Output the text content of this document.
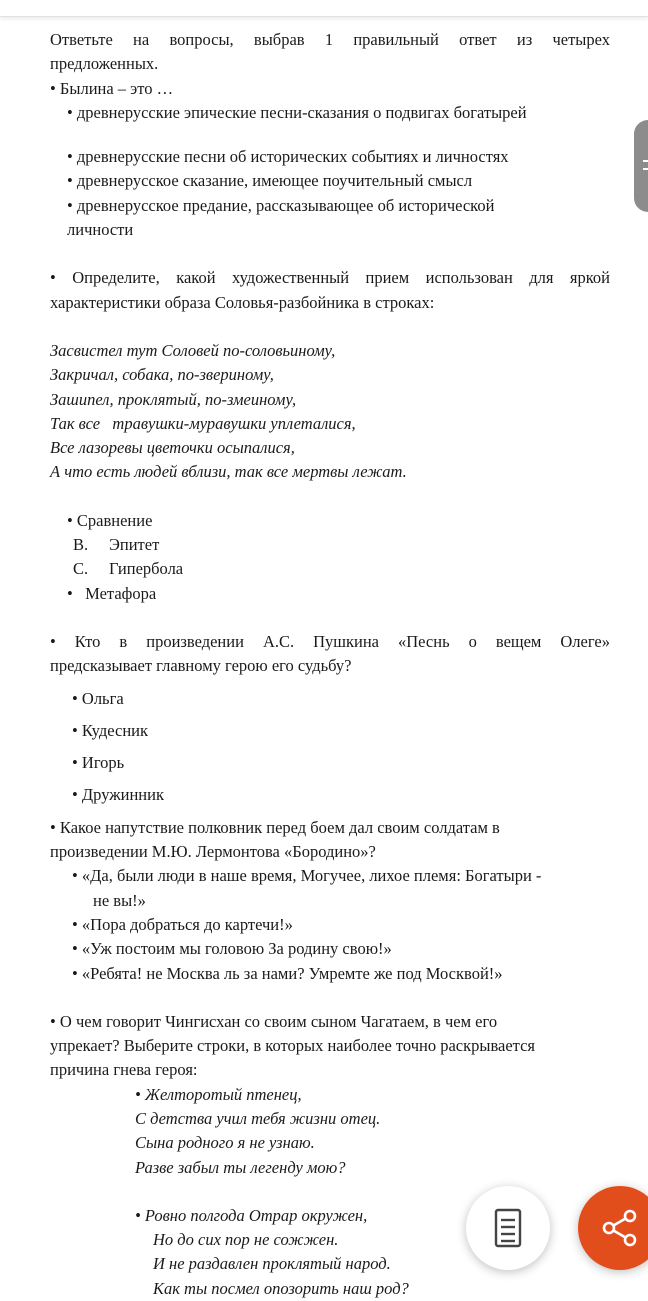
Ответьте на вопросы, выбрав 1 правильный ответ из четырех

предложенных.

• Былина – это …

• древнерусские эпические песни-сказания о подвигах богатырей

• древнерусские песни об исторических событиях и личностях

• древнерусское сказание, имеющее поучительный смысл

• древнерусское предание, рассказывающее об исторической

личности

• Определите, какой художественный прием использован для яркой

характеристики образа Соловья-разбойника в строках:

Засвистел тут Соловей по-соловьиному,

Закричал, собака, по-звериному,

Зашипел, проклятый, по-змеиному,

Так все   травушки-муравушки уплеталися,

Все лазоревы цветочки осыпалися,

А что есть людей вблизи, так все мертвы лежат.

• Сравнение

B. Эпитет

C. Гипербола

•   Метафора

• Кто в произведении А.С. Пушкина «Песнь о вещем Олеге»

предсказывает главному герою его судьбу?

• Ольга

• Кудесник

• Игорь

• Дружинник

• Какое напутствие полковник перед боем дал своим солдатам в

произведении М.Ю. Лермонтова «Бородино»?

• «Да, были люди в наше время, Могучее, лихое племя: Богатыри -

не вы!»

• «Пора добраться до картечи!»

• «Уж постоим мы головою За родину свою!»

• «Ребята! не Москва ль за нами? Умремте же под Москвой!»

• О чем говорит Чингисхан со своим сыном Чагатаем, в чем его

упрекает? Выберите строки, в которых наиболее точно раскрывается

причина гнева героя:

• Желторотый птенец,

С детства учил тебя жизни отец.

Сына родного я не узнаю.

Разве забыл ты легенду мою?

• Ровно полгода Отрар окружен,

Но до сих пор не сожжен.

И не раздавлен проклятый народ.

Как ты посмел опозорить наш род?
